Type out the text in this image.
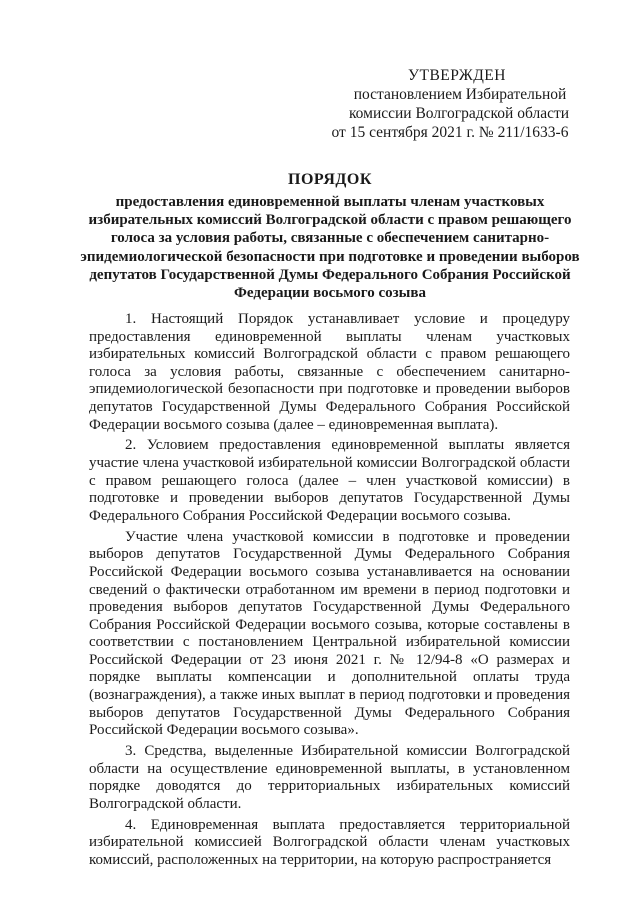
УТВЕРЖДЕН
постановлением Избирательной
комиссии Волгоградской области
от 15 сентября 2021 г. № 211/1633-6
ПОРЯДОК
предоставления единовременной выплаты членам участковых избирательных комиссий Волгоградской области с правом решающего голоса за условия работы, связанные с обеспечением санитарно-эпидемиологической безопасности при подготовке и проведении выборов депутатов Государственной Думы Федерального Собрания Российской Федерации восьмого созыва

1. Настоящий Порядок устанавливает условие и процедуру предоставления единовременной выплаты членам участковых избирательных комиссий Волгоградской области с правом решающего голоса за условия работы, связанные с обеспечением санитарно-эпидемиологической безопасности при подготовке и проведении выборов депутатов Государственной Думы Федерального Собрания Российской Федерации восьмого созыва (далее – единовременная выплата).

2. Условием предоставления единовременной выплаты является участие члена участковой избирательной комиссии Волгоградской области с правом решающего голоса (далее – член участковой комиссии) в подготовке и проведении выборов депутатов Государственной Думы Федерального Собрания Российской Федерации восьмого созыва.

Участие члена участковой комиссии в подготовке и проведении выборов депутатов Государственной Думы Федерального Собрания Российской Федерации восьмого созыва устанавливается на основании сведений о фактически отработанном им времени в период подготовки и проведения выборов депутатов Государственной Думы Федерального Собрания Российской Федерации восьмого созыва, которые составлены в соответствии с постановлением Центральной избирательной комиссии Российской Федерации от 23 июня 2021 г. № 12/94-8 «О размерах и порядке выплаты компенсации и дополнительной оплаты труда (вознаграждения), а также иных выплат в период подготовки и проведения выборов депутатов Государственной Думы Федерального Собрания Российской Федерации восьмого созыва».

3. Средства, выделенные Избирательной комиссии Волгоградской области на осуществление единовременной выплаты, в установленном порядке доводятся до территориальных избирательных комиссий Волгоградской области.

4. Единовременная выплата предоставляется территориальной избирательной комиссией Волгоградской области членам участковых комиссий, расположенных на территории, на которую распространяется
